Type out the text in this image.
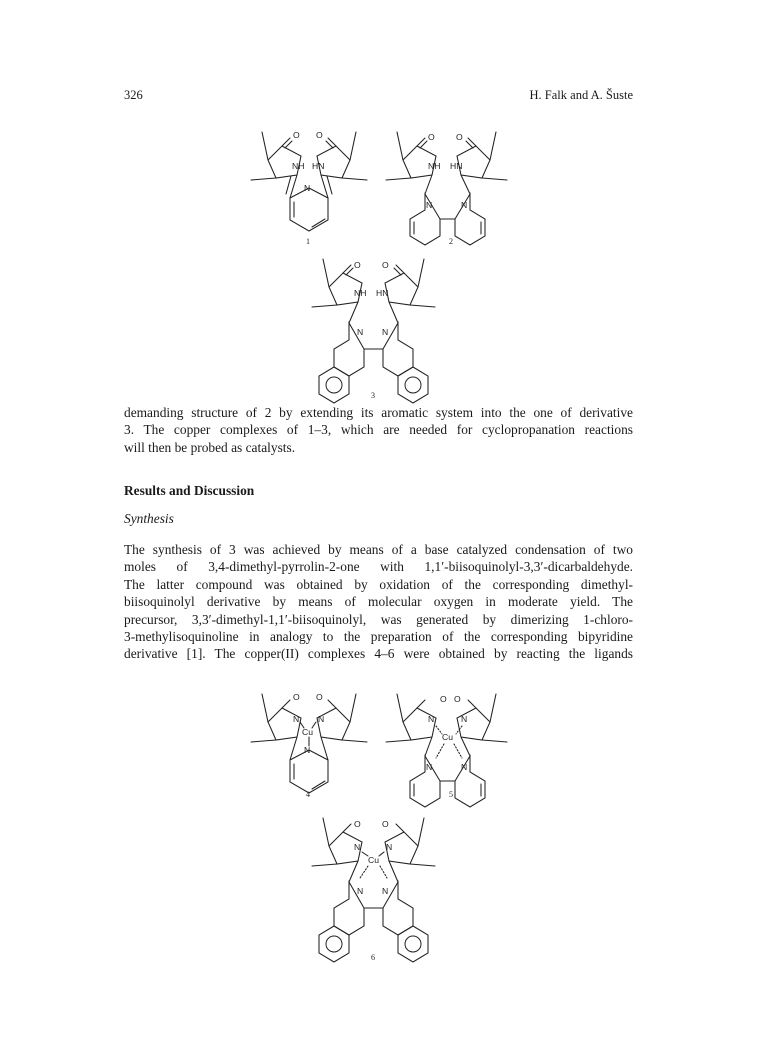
326	H. Falk and A. Šuste
O
NH
O
HN
N
1
O
NH
O
HN
N	N
2
O
NH
O
HN
N N
3
demanding structure of 2 by extending its aromatic system into the one of derivative
3. The copper complexes of 1–3, which are needed for cyclopropanation reactions
will then be probed as catalysts.
Results and Discussion
Synthesis
The synthesis of 3 was achieved by means of a base catalyzed condensation of two
moles of 3,4-dimethyl-pyrrolin-2-one with 1,1′-biisoquinolyl-3,3′-dicarbaldehyde.
The latter compound was obtained by oxidation of the corresponding dimethyl-
biisoquinolyl derivative by means of molecular oxygen in moderate yield. The
precursor, 3,3′-dimethyl-1,1′-biisoquinolyl, was generated by dimerizing 1-chloro-
3-methylisoquinoline in analogy to the preparation of the corresponding bipyridine
derivative [1]. The copper(II) complexes 4–6 were obtained by reacting the ligands
O
N
O
N
Cu
N
4
O
N
O
N
Cu
N	N
5
O
N
O
N
Cu
N N
6
